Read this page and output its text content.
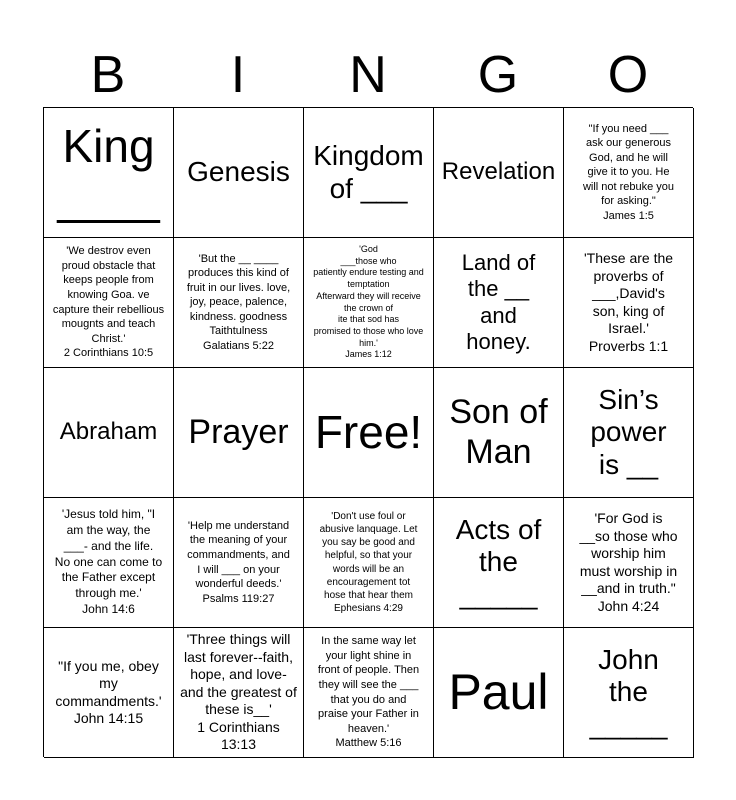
B	I	N	G	O
King
____ Genesis
Kingdom
of ___
Revelation
"If you need ___
ask our generous
God, and he will
give it to you. He
will not rebuke you
for asking."
James 1:5
'We destrov even
proud obstacle that
keeps people from
knowing Goa. ve
capture their rebellious
mougnts and teach
Christ.'
2 Corinthians 10:5
'But the __ ____
produces this kind of
fruit in our lives. love,
joy, peace, palence,
kindness. goodness
Taithtulness
Galatians 5:22
'God
___those who
patiently endure testing and
temptation
Afterward they will receive
the crown of
ite that sod has
promised to those who love
him.'
James 1:12
Land of
the __
and
honey.
'These are the
proverbs of
___,David's
son, king of
Israel.'
Proverbs 1:1
Abraham Prayer Free! Son of
Man
Sin’s
power
is __
'Jesus told him, "I
am the way, the
___- and the life.
No one can come to
the Father except
through me.'
John 14:6
'Help me understand
the meaning of your
commandments, and
I will ___ on your
wonderful deeds.'
Psalms 119:27
'Don't use foul or
abusive lanquage. Let
you say be good and
helpful, so that your
words will be an
encouragement tot
hose that hear them
Ephesians 4:29
Acts of
the
_____
'For God is
__so those who
worship him
must worship in
__and in truth."
John 4:24
"If you me, obey
my
commandments.'
John 14:15
'Three things will
last forever--faith,
hope, and love-
and the greatest of
these is__'
1 Corinthians
13:13
In the same way let
your light shine in
front of people. Then
they will see the ___
that you do and
praise your Father in
heaven.'
Matthew 5:16
Paul
John
the
_____
